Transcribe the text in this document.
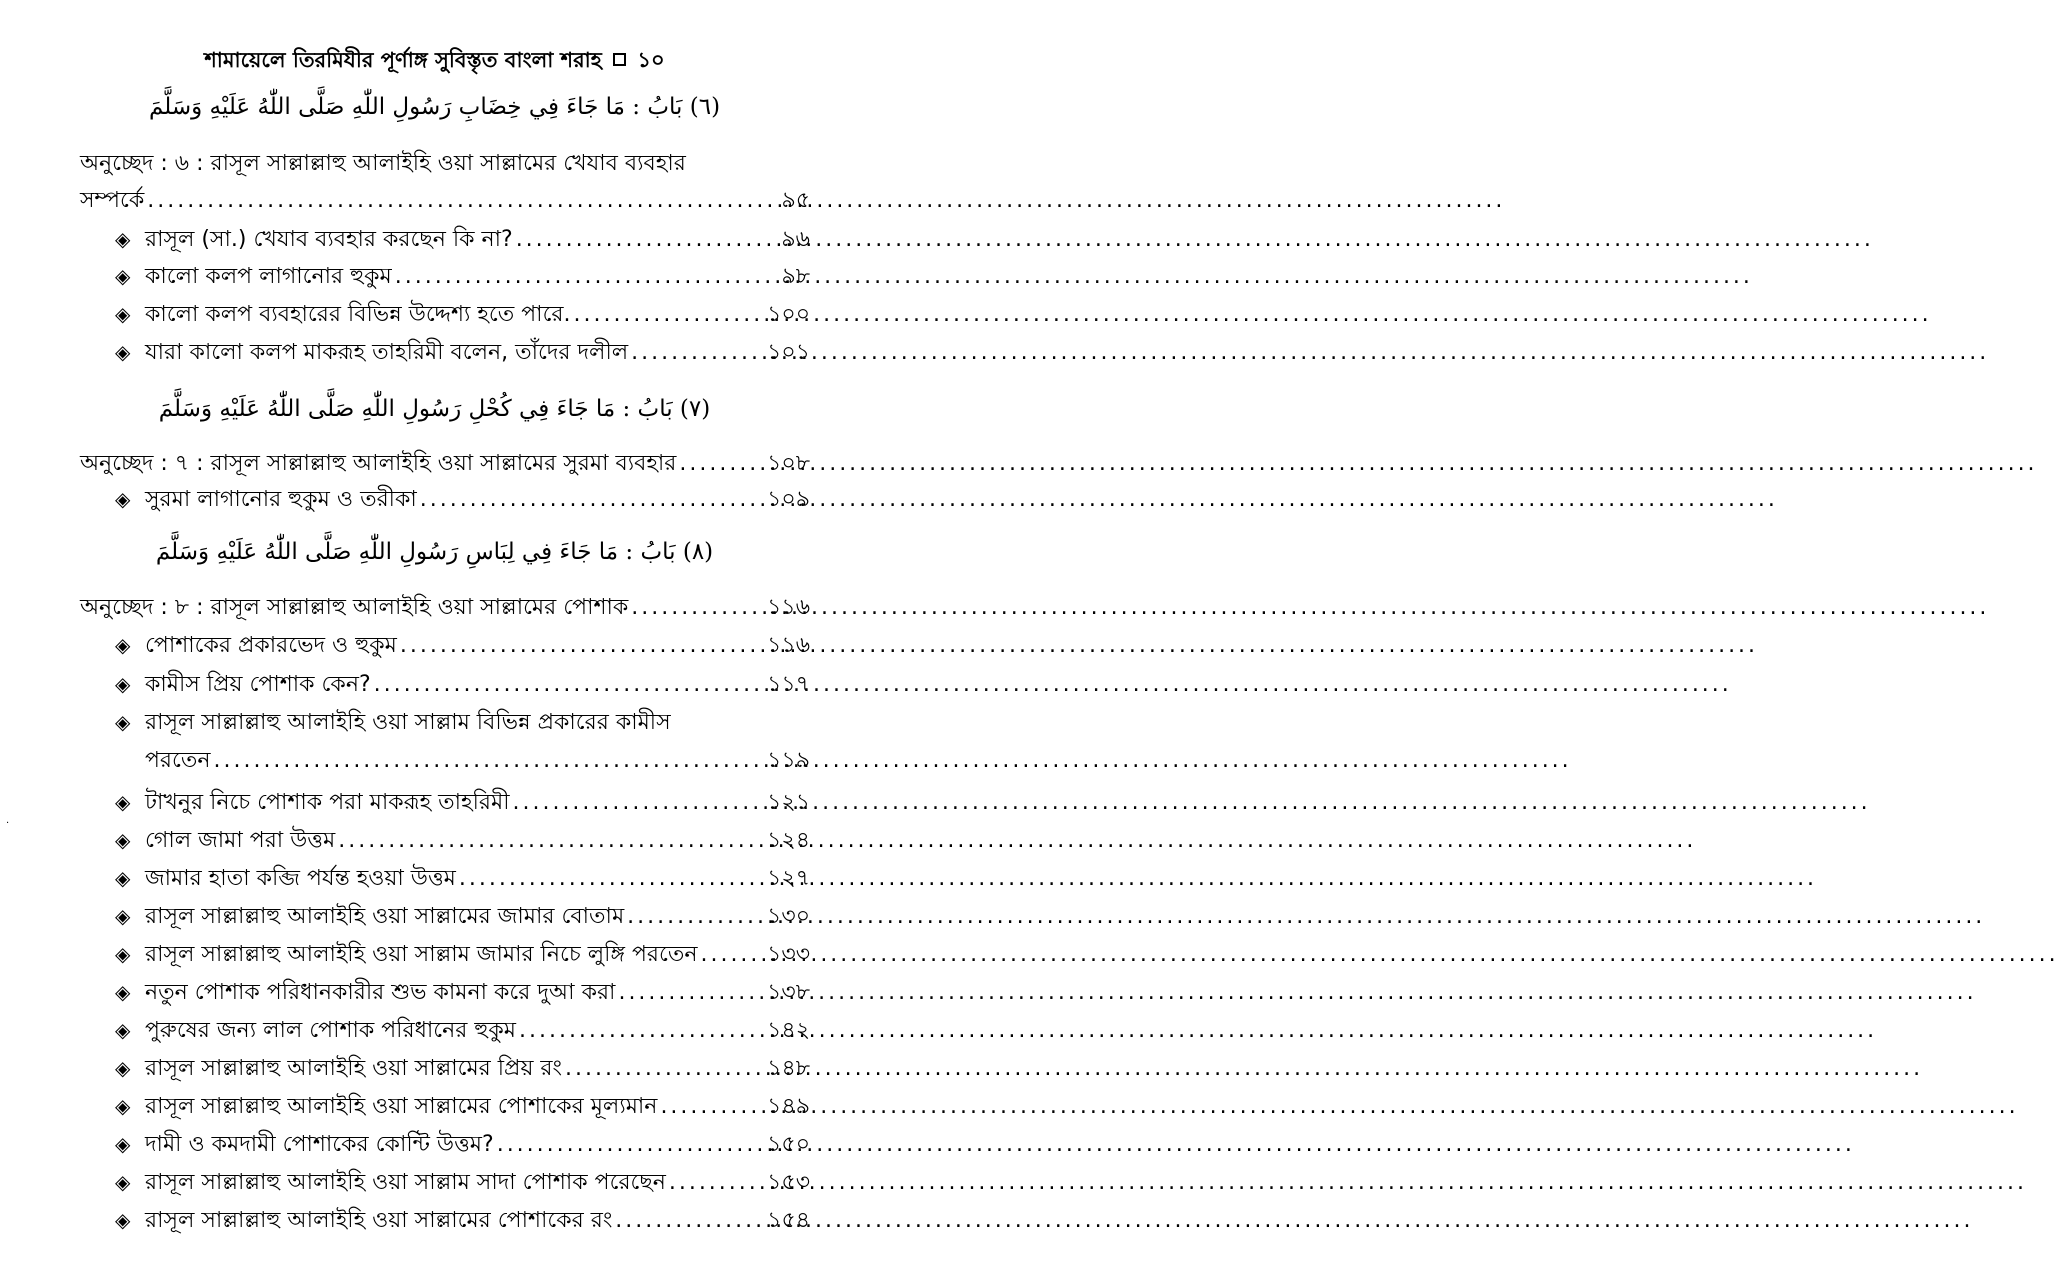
শামায়েলে তিরমিযীর পূর্ণাঙ্গ সুবিস্তৃত বাংলা শরাহ ১০
(٦) بَابُ : مَا جَاءَ فِي خِضَابِ رَسُولِ اللّٰهِ صَلَّى اللّٰهُ عَلَيْهِ وَسَلَّمَ
অনুচ্ছেদ : ৬ : রাসূল সাল্লাল্লাহু আলাইহি ওয়া সাল্লামের খেযাব ব্যবহার
সম্পর্কে . . .	৯৫
◈ রাসূল (সা.) খেযাব ব্যবহার করছেন কি না? . . .	৯৬
◈ কালো কলপ লাগানোর হুকুম . . .	৯৮
◈ কালো কলপ ব্যবহারের বিভিন্ন উদ্দেশ্য হতে পারে. . . .	১০০
◈ যারা কালো কলপ মাকরূহ তাহরিমী বলেন, তাঁদের দলীল . . .	১০১
(٧) بَابُ : مَا جَاءَ فِي كُحْلِ رَسُولِ اللّٰهِ صَلَّى اللّٰهُ عَلَيْهِ وَسَلَّمَ
অনুচ্ছেদ : ৭ : রাসূল সাল্লাল্লাহু আলাইহি ওয়া সাল্লামের সুরমা ব্যবহার . . .	১০৮
◈ সুরমা লাগানোর হুকুম ও তরীকা . . .	১০৯
(٨) بَابُ : مَا جَاءَ فِي لِبَاسِ رَسُولِ اللّٰهِ صَلَّى اللّٰهُ عَلَيْهِ وَسَلَّمَ
অনুচ্ছেদ : ৮ : রাসূল সাল্লাল্লাহু আলাইহি ওয়া সাল্লামের পোশাক . . .	১১৬
◈ পোশাকের প্রকারভেদ ও হুকুম . . .	১১৬
◈ কামীস প্রিয় পোশাক কেন? . . .	১১৭
◈ রাসূল সাল্লাল্লাহু আলাইহি ওয়া সাল্লাম বিভিন্ন প্রকারের কামীস
পরতেন . . .	১১৯
◈ টাখনুর নিচে পোশাক পরা মাকরূহ তাহরিমী . . .	১২১
◈ গোল জামা পরা উত্তম . . .	১২৪
◈ জামার হাতা কব্জি পর্যন্ত হওয়া উত্তম . . .	১২৭
◈ রাসূল সাল্লাল্লাহু আলাইহি ওয়া সাল্লামের জামার বোতাম . . .	১৩০
◈ রাসূল সাল্লাল্লাহু আলাইহি ওয়া সাল্লাম জামার নিচে লুঙ্গি পরতেন . . .	১৩৩
◈ নতুন পোশাক পরিধানকারীর শুভ কামনা করে দুআ করা . . .	১৩৮
◈ পুরুষের জন্য লাল পোশাক পরিধানের হুকুম . . .	১৪২
◈ রাসূল সাল্লাল্লাহু আলাইহি ওয়া সাল্লামের প্রিয় রং . . .	১৪৮
◈ রাসূল সাল্লাল্লাহু আলাইহি ওয়া সাল্লামের পোশাকের মূল্যমান . . .	১৪৯
◈ দামী ও কমদামী পোশাকের কোন্টি উত্তম? . . .	১৫০
◈ রাসূল সাল্লাল্লাহু আলাইহি ওয়া সাল্লাম সাদা পোশাক পরেছেন . . .	১৫৩
◈ রাসূল সাল্লাল্লাহু আলাইহি ওয়া সাল্লামের পোশাকের রং . . .	১৫৪
·
